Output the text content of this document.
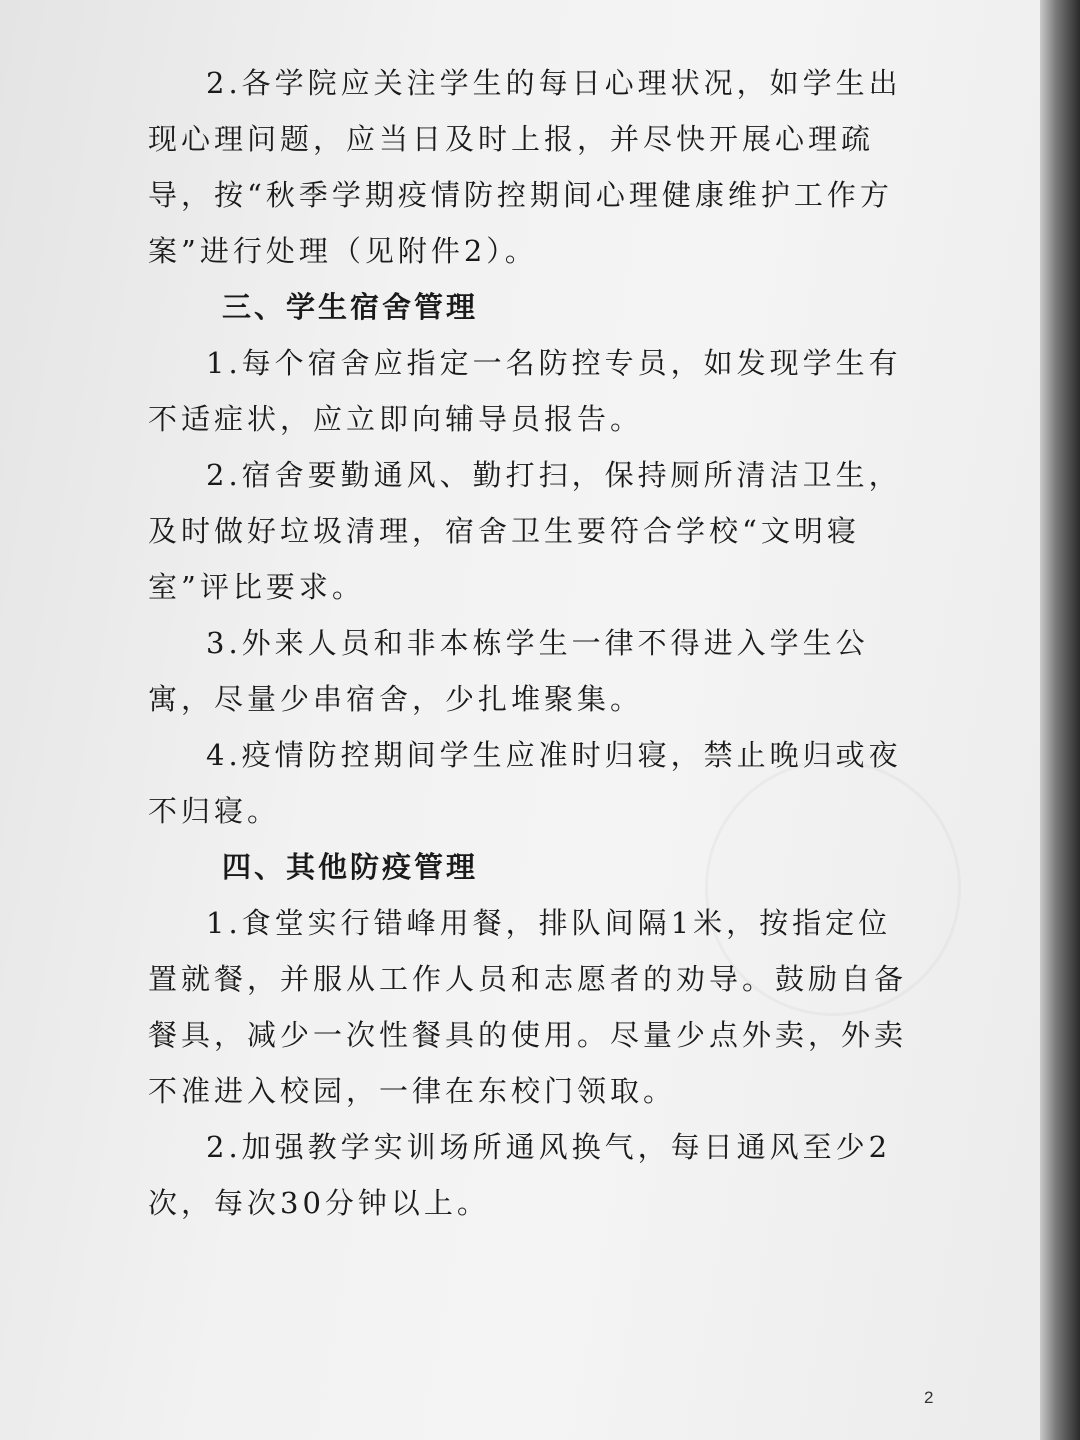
2.各学院应关注学生的每日心理状况，如学生出现心理问题，应当日及时上报，并尽快开展心理疏导，按“秋季学期疫情防控期间心理健康维护工作方案”进行处理（见附件2）。

三、学生宿舍管理

1.每个宿舍应指定一名防控专员，如发现学生有不适症状，应立即向辅导员报告。

2.宿舍要勤通风、勤打扫，保持厕所清洁卫生，及时做好垃圾清理，宿舍卫生要符合学校“文明寝室”评比要求。

3.外来人员和非本栋学生一律不得进入学生公寓，尽量少串宿舍，少扎堆聚集。

4.疫情防控期间学生应准时归寝，禁止晚归或夜不归寝。

四、其他防疫管理

1.食堂实行错峰用餐，排队间隔1米，按指定位置就餐，并服从工作人员和志愿者的劝导。鼓励自备餐具，减少一次性餐具的使用。尽量少点外卖，外卖不准进入校园，一律在东校门领取。

2.加强教学实训场所通风换气，每日通风至少2次，每次30分钟以上。

2
